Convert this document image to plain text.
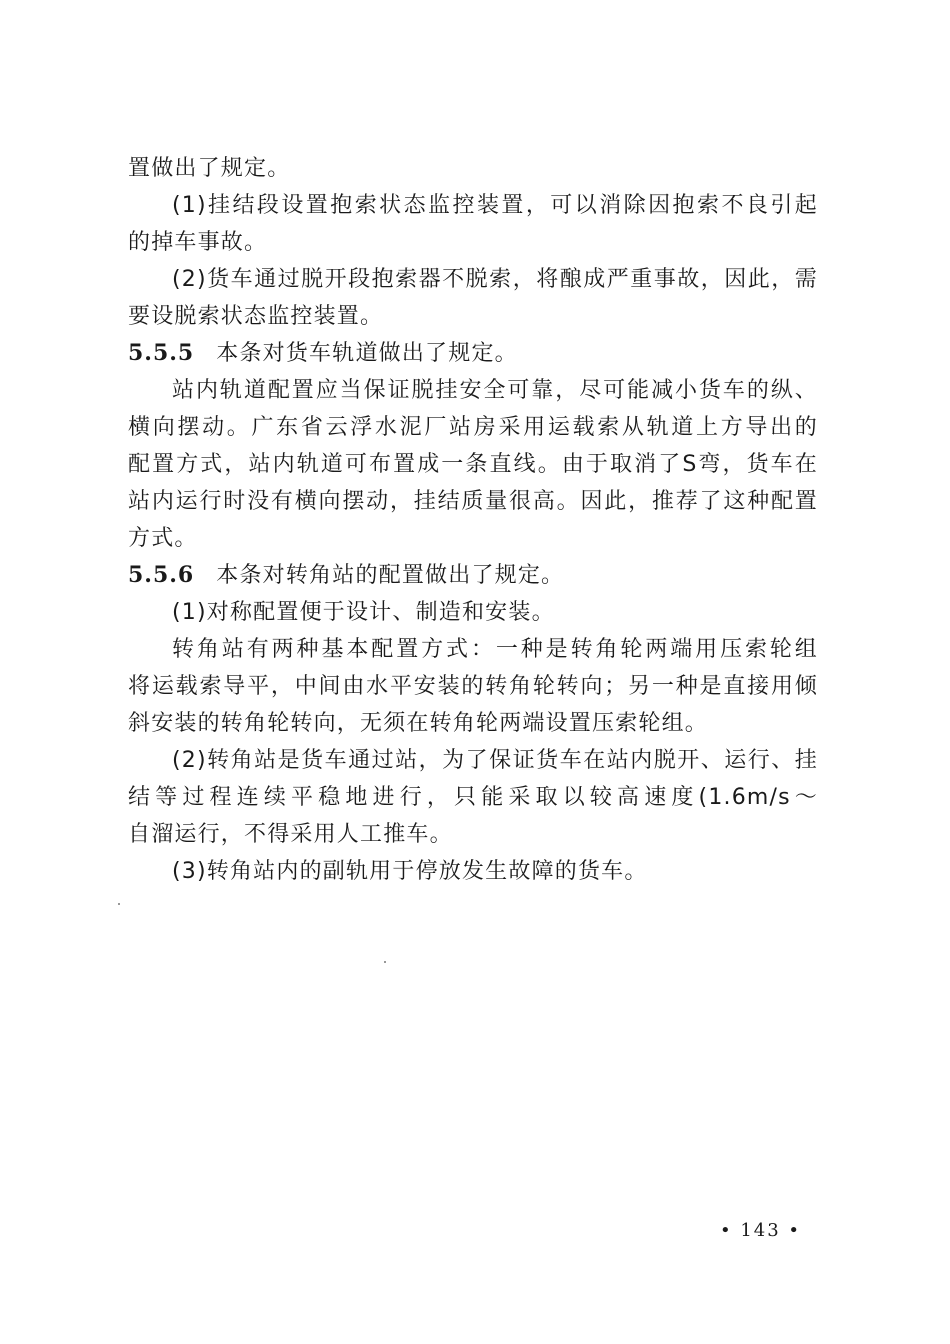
置做出了规定。
(1)挂结段设置抱索状态监控装置，可以消除因抱索不良引起
的掉车事故。
(2)货车通过脱开段抱索器不脱索，将酿成严重事故，因此，需
要设脱索状态监控装置。
5.5.5 本条对货车轨道做出了规定。
站内轨道配置应当保证脱挂安全可靠，尽可能减小货车的纵、
横向摆动。广东省云浮水泥厂站房采用运载索从轨道上方导出的
配置方式，站内轨道可布置成一条直线。由于取消了S弯，货车在
站内运行时没有横向摆动，挂结质量很高。因此，推荐了这种配置
方式。
5.5.6 本条对转角站的配置做出了规定。
(1)对称配置便于设计、制造和安装。
转角站有两种基本配置方式：一种是转角轮两端用压索轮组
将运载索导平，中间由水平安装的转角轮转向；另一种是直接用倾
斜安装的转角轮转向，无须在转角轮两端设置压索轮组。
(2)转角站是货车通过站，为了保证货车在站内脱开、运行、挂
结等过程连续平稳地进行，只能采取以较高速度(1.6m/s～
自溜运行，不得采用人工推车。
(3)转角站内的副轨用于停放发生故障的货车。
• 143 •
